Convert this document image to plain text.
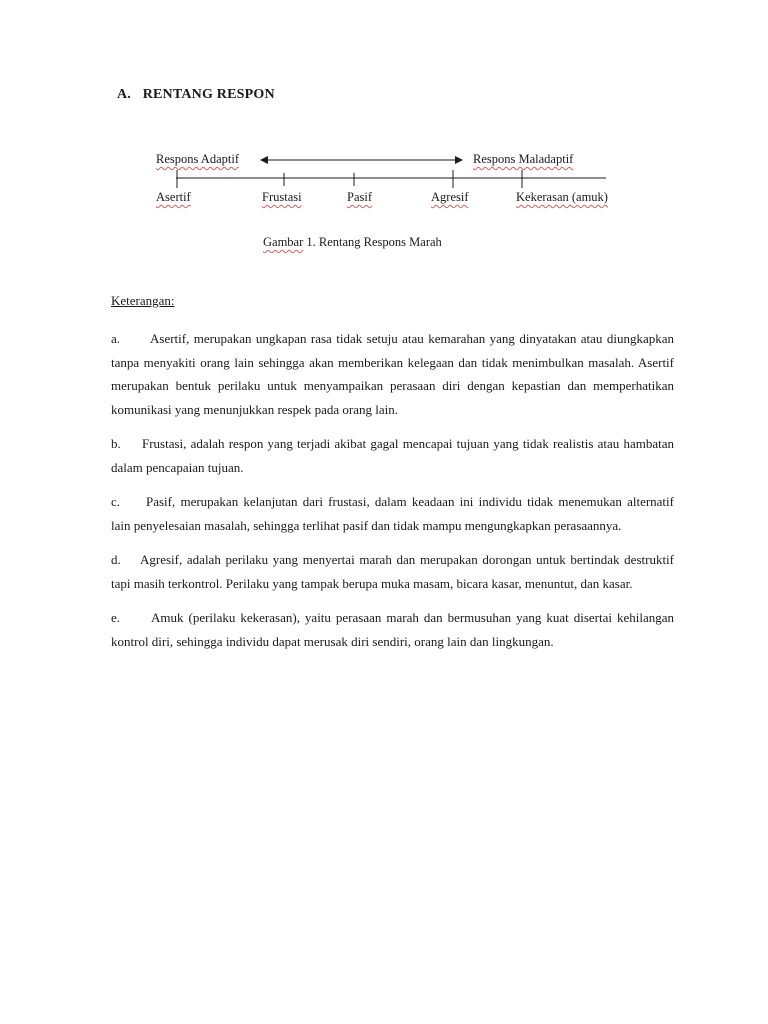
A. RENTANG RESPON
Respons Adaptif	Respons Maladaptif
Asertif	Frustasi	Pasif	Agresif	Kekerasan (amuk)
Gambar 1. Rentang Respons Marah
Keterangan:

a. Asertif, merupakan ungkapan rasa tidak setuju atau kemarahan yang dinyatakan atau diungkapkan tanpa menyakiti orang lain sehingga akan memberikan kelegaan dan tidak menimbulkan masalah. Asertif merupakan bentuk perilaku untuk menyampaikan perasaan diri dengan kepastian dan memperhatikan komunikasi yang menunjukkan respek pada orang lain.

b. Frustasi, adalah respon yang terjadi akibat gagal mencapai tujuan yang tidak realistis atau hambatan dalam pencapaian tujuan.

c. Pasif, merupakan kelanjutan dari frustasi, dalam keadaan ini individu tidak menemukan alternatif lain penyelesaian masalah, sehingga terlihat pasif dan tidak mampu mengungkapkan perasaannya.

d. Agresif, adalah perilaku yang menyertai marah dan merupakan dorongan untuk bertindak destruktif tapi masih terkontrol. Perilaku yang tampak berupa muka masam, bicara kasar, menuntut, dan kasar.

e. Amuk (perilaku kekerasan), yaitu perasaan marah dan bermusuhan yang kuat disertai kehilangan kontrol diri, sehingga individu dapat merusak diri sendiri, orang lain dan lingkungan.
